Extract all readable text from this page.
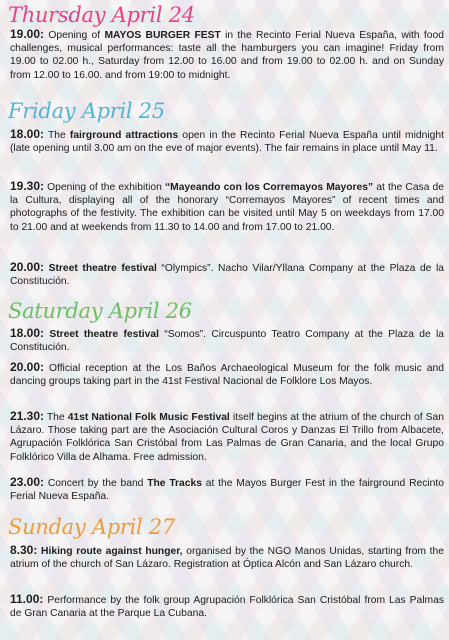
Thursday April 24
19.00: Opening of MAYOS BURGER FEST in the Recinto Ferial Nueva España, with food challenges, musical performances: taste all the hamburgers you can imagine! Friday from 19.00 to 02.00 h., Saturday from 12.00 to 16.00 and from 19.00 to 02.00 h. and on Sunday from 12.00 to 16.00. and from 19:00 to midnight.
Friday April 25
18.00: The fairground attractions open in the Recinto Ferial Nueva España until midnight (late opening until 3.00 am on the eve of major events). The fair remains in place until May 11.
19.30: Opening of the exhibition “Mayeando con los Corremayos Mayores” at the Casa de la Cultura, displaying all of the honorary “Corremayos Mayores” of recent times and photographs of the festivity. The exhibition can be visited until May 5 on weekdays from 17.00 to 21.00 and at weekends from 11.30 to 14.00 and from 17.00 to 21.00.
20.00: Street theatre festival “Olympics”. Nacho Vilar/Yllana Company at the Plaza de la Constitución.
Saturday April 26
18.00: Street theatre festival “Somos”. Circuspunto Teatro Company at the Plaza de la Constitución.
20.00: Official reception at the Los Baños Archaeological Museum for the folk music and dancing groups taking part in the 41st Festival Nacional de Folklore Los Mayos.
21.30: The 41st National Folk Music Festival itself begins at the atrium of the church of San Lázaro. Those taking part are the Asociación Cultural Coros y Danzas El Trillo from Albacete, Agrupación Folklórica San Cristóbal from Las Palmas de Gran Canaria, and the local Grupo Folklórico Villa de Alhama. Free admission.
23.00: Concert by the band The Tracks at the Mayos Burger Fest in the fairground Recinto Ferial Nueva España.
Sunday April 27
8.30: Hiking route against hunger, organised by the NGO Manos Unidas, starting from the atrium of the church of San Lázaro. Registration at Óptica Alcón and San Lázaro church.
11.00: Performance by the folk group Agrupación Folklórica San Cristóbal from Las Palmas de Gran Canaria at the Parque La Cubana.
